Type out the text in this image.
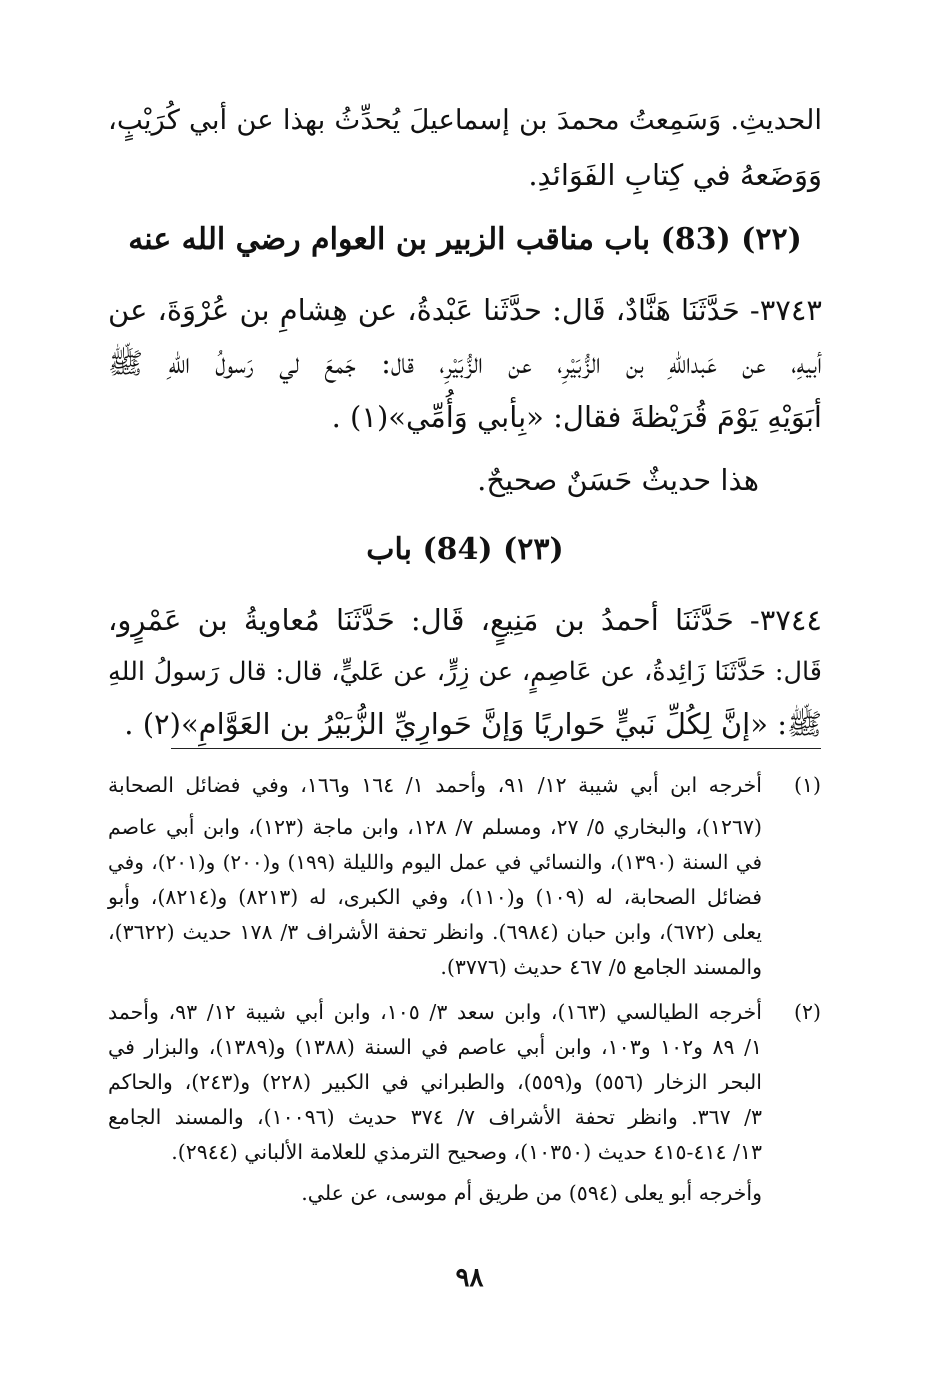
الحديثِ. وَسَمِعتُ محمدَ بن إسماعيلَ يُحدِّثُ بهذا عن أبي كُرَيْبٍ،
وَوَضَعهُ في كِتابِ الفَوَائدِ.
(٢٢) (83) باب مناقب الزبير بن العوام رضي الله عنه
٣٧٤٣- حَدَّثَنَا هَنَّادٌ، قَال: حدَّثَنا عَبْدةُ، عن هِشامِ بن عُرْوَةَ، عن
أبيهِ، عن عَبداللهِ بن الزُّبَيْرِ، عن الزُّبَيْرِ، قال: جَمعَ لي رَسولُ اللهِ ﷺ
أبَوَيْهِ يَوْمَ قُرَيْظةَ فقال: «بِأبي وَأُمِّي»(١) .
هذا حديثٌ حَسَنٌ صحيحٌ.
(٢٣) (84) باب
٣٧٤٤- حَدَّثَنَا أحمدُ بن مَنِيعٍ، قَال: حَدَّثَنَا مُعاويةُ بن عَمْرٍو،
قَال: حَدَّثَنَا زَائِدةُ، عن عَاصِمٍ، عن زِرٍّ، عن عَليٍّ، قال: قال رَسولُ اللهِ
ﷺ: «إنَّ لِكُلِّ نَبيٍّ حَواريًا وَإنَّ حَوارِيِّ الزُّبَيْرُ بن العَوَّامِ»(٢) .
(١)
أخرجه ابن أبي شيبة ١٢/ ٩١، وأحمد ١/ ١٦٤ و١٦٦، وفي فضائل الصحابة
(١٢٦٧)، والبخاري ٥/ ٢٧، ومسلم ٧/ ١٢٨، وابن ماجة (١٢٣)، وابن أبي عاصم
في السنة (١٣٩٠)، والنسائي في عمل اليوم والليلة (١٩٩) و(٢٠٠) و(٢٠١)، وفي
فضائل الصحابة، له (١٠٩) و(١١٠)، وفي الكبرى، له (٨٢١٣) و(٨٢١٤)، وأبو
يعلى (٦٧٢)، وابن حبان (٦٩٨٤). وانظر تحفة الأشراف ٣/ ١٧٨ حديث (٣٦٢٢)،
والمسند الجامع ٥/ ٤٦٧ حديث (٣٧٧٦).
(٢)
أخرجه الطيالسي (١٦٣)، وابن سعد ٣/ ١٠٥، وابن أبي شيبة ١٢/ ٩٣، وأحمد
١/ ٨٩ و١٠٢ و١٠٣، وابن أبي عاصم في السنة (١٣٨٨) و(١٣٨٩)، والبزار في
البحر الزخار (٥٥٦) و(٥٥٩)، والطبراني في الكبير (٢٢٨) و(٢٤٣)، والحاكم
٣/ ٣٦٧. وانظر تحفة الأشراف ٧/ ٣٧٤ حديث (١٠٠٩٦)، والمسند الجامع
١٣/ ٤١٤-٤١٥ حديث (١٠٣٥٠)، وصحيح الترمذي للعلامة الألباني (٢٩٤٤).
وأخرجه أبو يعلى (٥٩٤) من طريق أم موسى، عن علي.
٩٨
